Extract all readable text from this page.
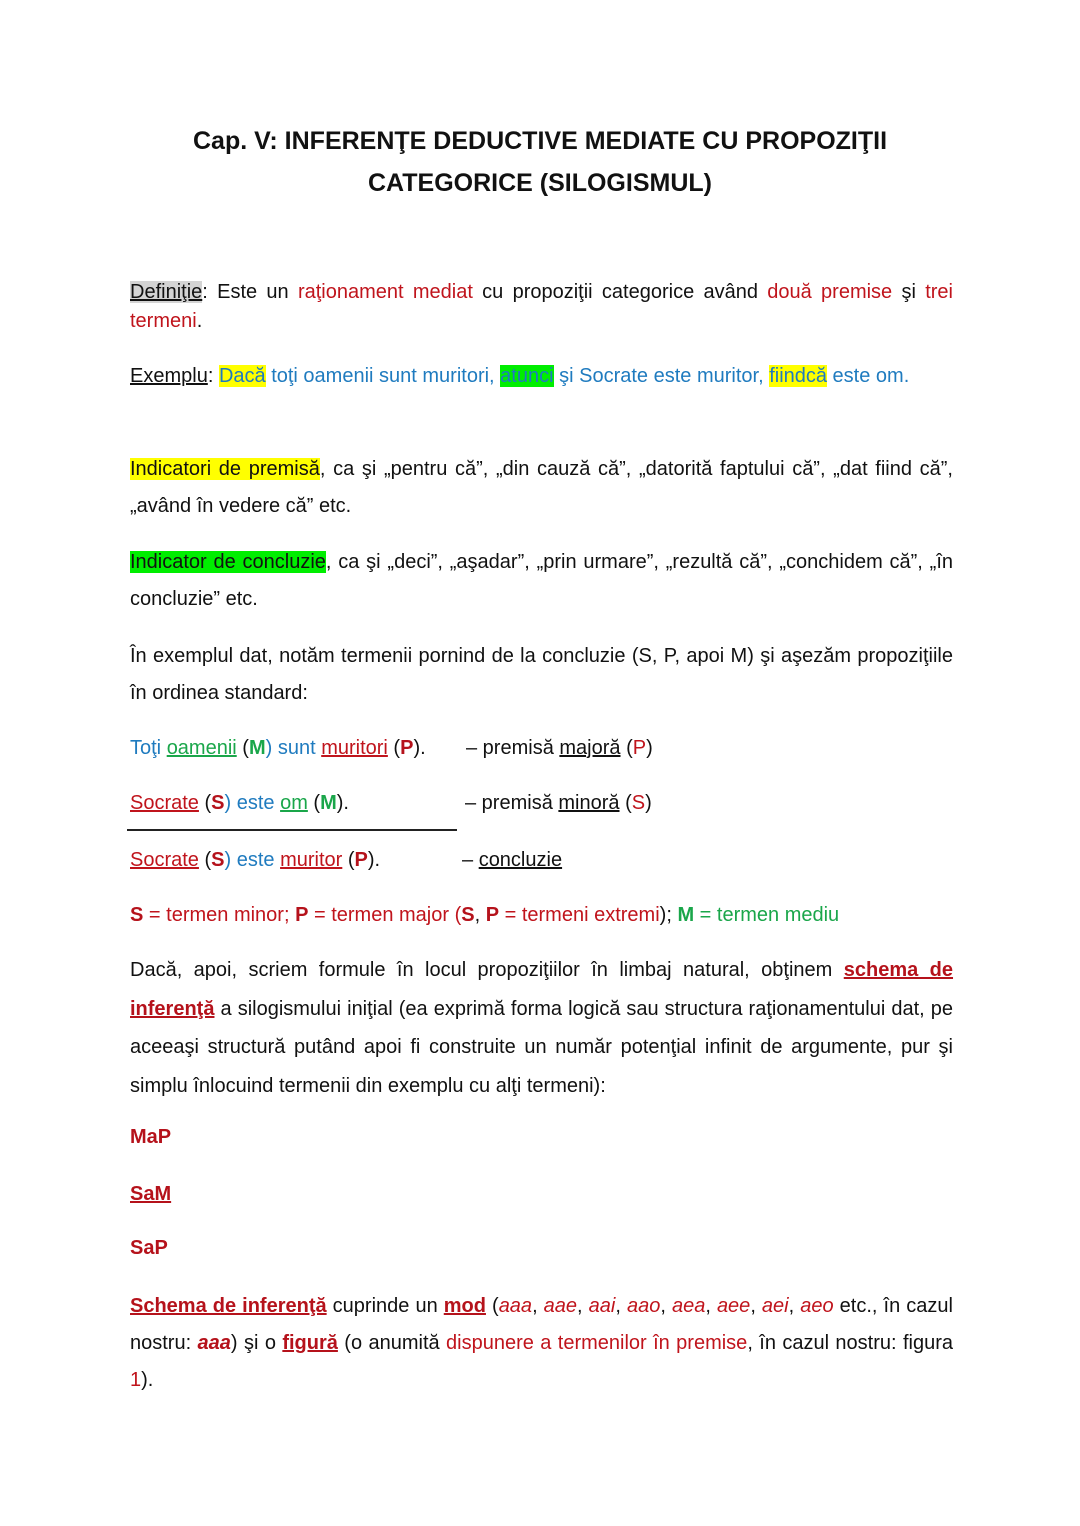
Cap. V: INFERENŢE DEDUCTIVE MEDIATE CU PROPOZIŢII
CATEGORICE (SILOGISMUL)

Definiţie: Este un raţionament mediat cu propoziţii categorice având două premise şi trei termeni.

Exemplu: Dacă toţi oamenii sunt muritori, atunci şi Socrate este muritor, fiindcă este om.

Indicatori de premisă, ca şi „pentru că”, „din cauză că”, „datorită faptului că”, „dat fiind că”, „având în vedere că” etc.

Indicator de concluzie, ca şi „deci”, „aşadar”, „prin urmare”, „rezultă că”, „conchidem că”, „în concluzie” etc.

În exemplul dat, notăm termenii pornind de la concluzie (S, P, apoi M) şi aşezăm propoziţiile în ordinea standard:

Toţi oamenii (M) sunt muritori (P). – premisă majoră (P)
Socrate (S) este om (M).	– premisă minoră (S)
Socrate (S) este muritor (P).	– concluzie
S = termen minor; P = termen major (S, P = termeni extremi); M = termen mediu

Dacă, apoi, scriem formule în locul propoziţiilor în limbaj natural, obţinem schema de inferenţă a silogismului iniţial (ea exprimă forma logică sau structura raţionamentului dat, pe aceeaşi structură putând apoi fi construite un număr potenţial infinit de argumente, pur şi simplu înlocuind termenii din exemplu cu alţi termeni):

MaP
SaM
SaP

Schema de inferenţă cuprinde un mod (aaa, aae, aai, aao, aea, aee, aei, aeo etc., în cazul nostru: aaa) şi o figură (o anumită dispunere a termenilor în premise, în cazul nostru: figura 1).
